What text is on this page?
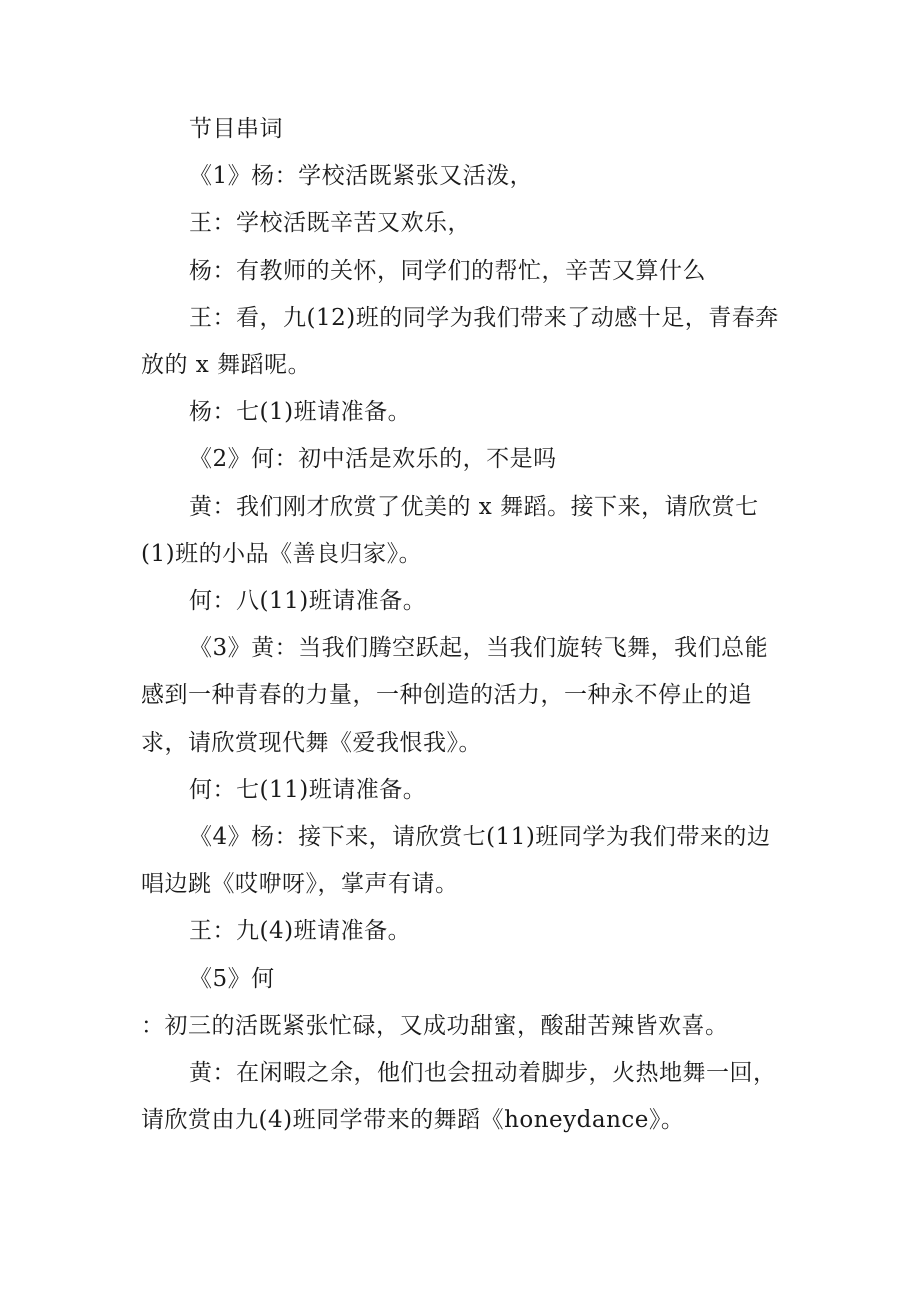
节目串词

《1》杨：学校活既紧张又活泼，

王：学校活既辛苦又欢乐，

杨：有教师的关怀，同学们的帮忙，辛苦又算什么

王：看，九(12)班的同学为我们带来了动感十足，青春奔放的 x 舞蹈呢。

杨：七(1)班请准备。

《2》何：初中活是欢乐的，不是吗

黄：我们刚才欣赏了优美的 x 舞蹈。接下来，请欣赏七(1)班的小品《善良归家》。

何：八(11)班请准备。

《3》黄：当我们腾空跃起，当我们旋转飞舞，我们总能感到一种青春的力量，一种创造的活力，一种永不停止的追求，请欣赏现代舞《爱我恨我》。

何：七(11)班请准备。

《4》杨：接下来，请欣赏七(11)班同学为我们带来的边唱边跳《哎咿呀》，掌声有请。

王：九(4)班请准备。

《5》何

：初三的活既紧张忙碌，又成功甜蜜，酸甜苦辣皆欢喜。

黄：在闲暇之余，他们也会扭动着脚步，火热地舞一回，请欣赏由九(4)班同学带来的舞蹈《honeydance》。
